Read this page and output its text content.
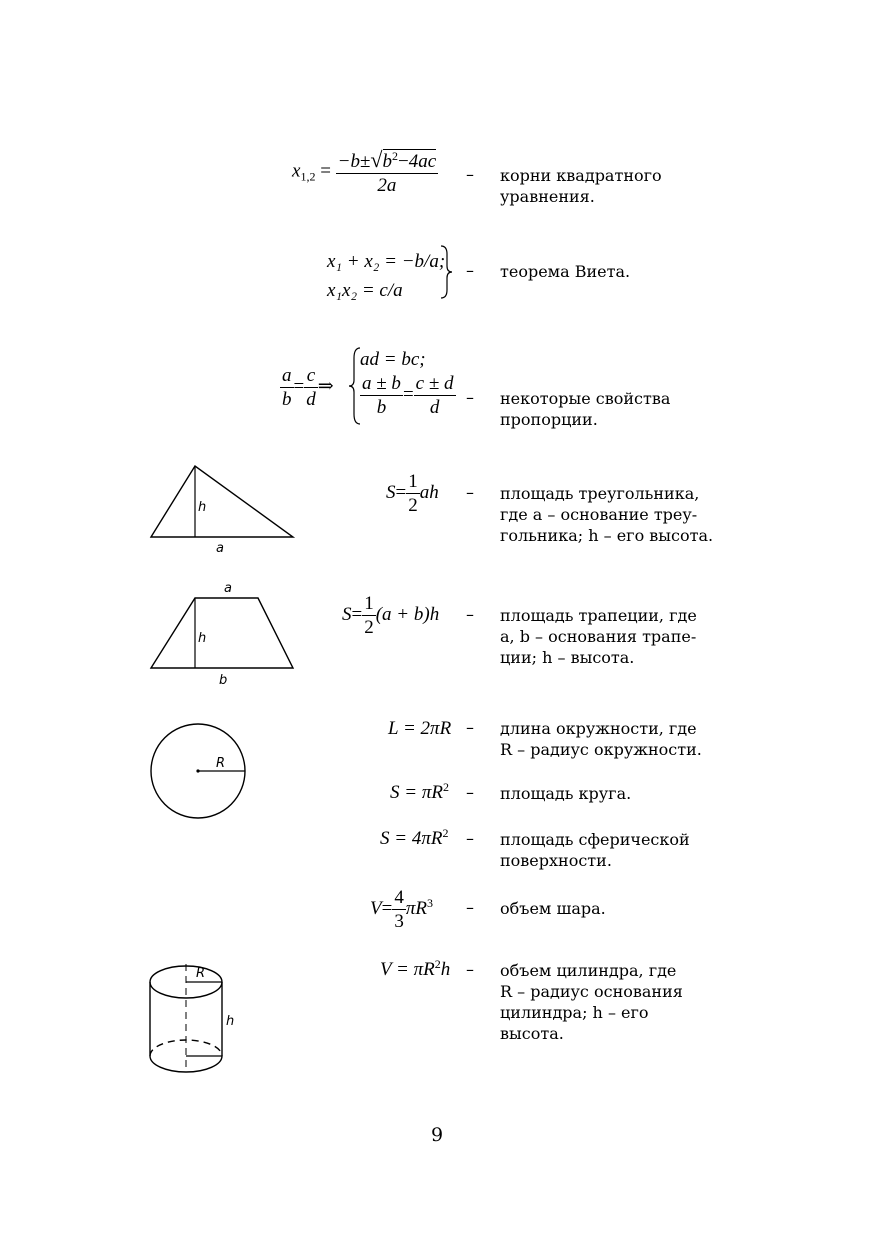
$x_{1,2} = \frac{-b\pm√b^2-4ac}{2a}$ – корни квадратного
уравнения.
x₁ + x₂ = −b/a;
x₁x₂ = c/a
– теорема Виета.
$\frac{a}{b} = \frac{c}{d}$ ⇒
ad = bc;
$\frac{a \pm b}{b} = \frac{c \pm d}{d}$ – некоторые свойства
пропорции.
h
a
$S= \frac{1}{2}$ ah – площадь треугольника,
где a – основание треу-
гольника; h – его высота.
a
h
b
$S= \frac{1}{2} (a + b)h$ – площадь трапеции, где
a, b – основания трапе-
ции; h – высота.
R
L = 2πR – длина окружности, где
R – радиус окружности.
$S = \pi R^2$ – площадь круга.
$S = 4\pi R^2$ – площадь сферической
поверхности.
$V= \frac{4}{3} \pi R^3$ – объем шара.
R
h
$V = \pi R^2h$ – объем цилиндра, где
R – радиус основания
цилиндра; h – его
высота.
9
